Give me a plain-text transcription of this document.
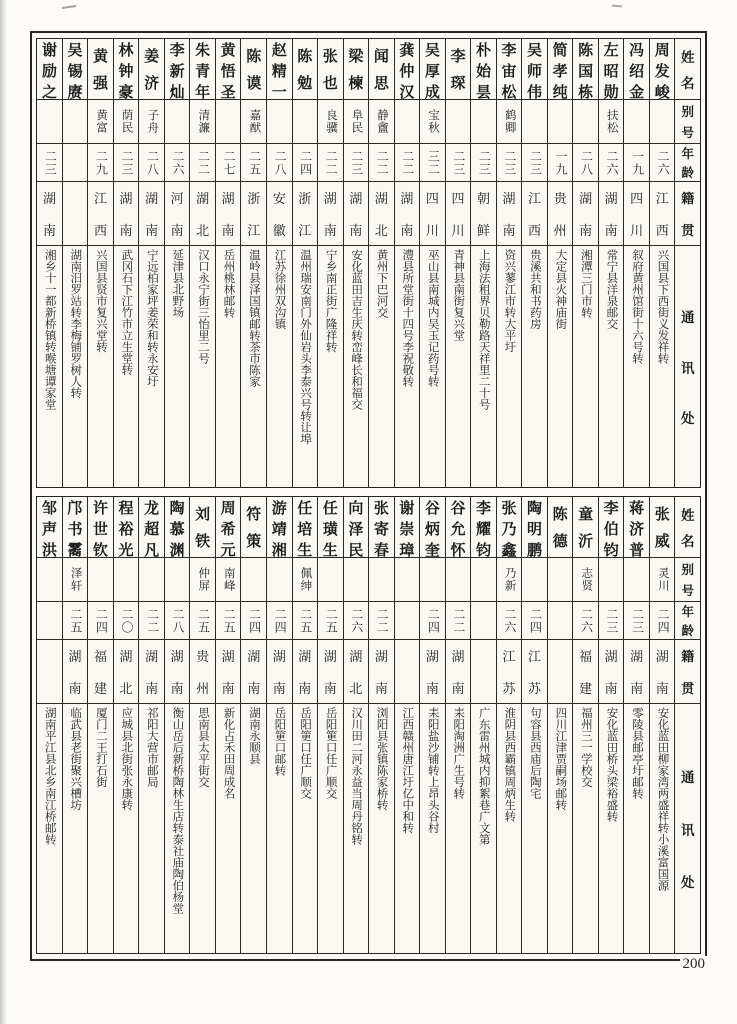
姓
名
别
号
年
龄
籍
贯
通
讯
处
周
发
峻
二六
江
西
兴国县下西街义发祥转
冯
绍
金
一九
四
川
叙府黄州馆街十六号转
左
昭
勋
扶松
二六
湖
南
常宁县洋泉邮交
陈
国
栋
二八
湖
南
湘潭三门市转
简
孝
纯
一九
贵
州
大定县火神庙街
吴
师
伟
二三
江
西
贵溪共和书药房
李
宙
松
鹤卿
二三
湖
南
资兴蓼江市转大平圩
朴
始
昙
二三
朝
鲜
上海法租界贝勒路天祥里二十号
李
琛
二三
四
川
青神县南街复兴堂
吴
厚
成
宝秋
三二
四
川
巫山县南城内吴玉记药号转
龚
仲
汉
二二
湖
南
澧县所堂街十四号李祝敬转
闻
思
静盦
二二
湖
北
黄州下巴河交
梁
楝
阜民
二三
湖
南
安化蓝田吉生庆转峦峰长和福交
张
也
良骥
二二
湖
南
宁乡南正街广隆祥转
陈
勉
二四
浙
江
温州瑞安南门外仙岩头李泰兴号转让埠
赵
精
一
二八
安
徽
江苏徐州双沟镇
陈
谟
嘉猷
二五
浙
江
温岭县泽国镇邮转茶市陈家
黄
悟
圣
二七
湖
南
岳州桃林邮转
朱
青
年
清濂
二二
湖
北
汉口永宁街三怡里二号
李
新
灿
二六
河
南
延津县北野场
姜
济
子舟
二八
湖
南
宁远柏家坪姜荣和转永安圩
林
钟
豪
荫民
二三
湖
南
武冈石下江竹市立生堂转
黄
强
黄富
二九
江
西
兴国县贤市复兴堂转
吴
锡
赓
湖南汨罗站转李梅铺罗树人转
谢
励
之
二三
湖
南
湘乡十一都新桥镇转喉塘谭家堂
姓
名
别
号
年
龄
籍
贯
通
讯
处
张
威
灵川
二四
湖
南
安化蓝田柳家湾两盛祥转小溪富国源
蒋
济
普
二三
湖
南
零陵县邮亭圩邮转
李
伯
钧
二三
湖
南
安化蓝田桥头梁裕盛转
童
沂
志贤
二六
福
建
福州三一学校交
陈
德
四川江津贾嗣场邮转
陶
明
鹏
二四
江
苏
句容县西庙后陶宅
张
乃
鑫
乃新
二六
江
苏
淮阴县西霸镇周炳生转
李
耀
钧
广东雷州城内抑絮巷广文第
谷
允
怀
二二
湖
南
耒阳淘洲广生号转
谷
炳
奎
二四
湖
南
耒阳盐沙铺转上昂头谷村
谢
崇
璋
江西赣州唐江圩亿中和转
张
寄
春
二二
湖
南
浏阳县张镇陈家桥转
向
泽
民
二六
湖
北
汉川田二河永益当周丹铭转
任
璜
生
二五
湖
南
岳阳筻口任广顺交
任
培
生
佩绅
二五
湖
南
岳阳筻口任广顺交
游
靖
湘
二四
湖
南
岳阳筻口邮转
符
策
二四
湖
南
湖南永顺县
周
希
元
南峰
二五
湖
南
新化占禾田周成名
刘
铁
仲屏
二五
贵
州
思南县太平街交
陶
慕
渊
二八
湖
南
衡山岳后新桥陶林生店转泰社庙陶伯杨堂
龙
超
凡
二二
湖
南
祁阳大营市邮局
程
裕
光
二〇
湖
北
应城县北街张永康转
许
世
钦
二四
福
建
厦门二王打石街
邝
书
霱
泽轩
二五
湖
南
临武县老街聚兴槽坊
邹
声
洪
湖南平江县北乡南江桥邮转
200
